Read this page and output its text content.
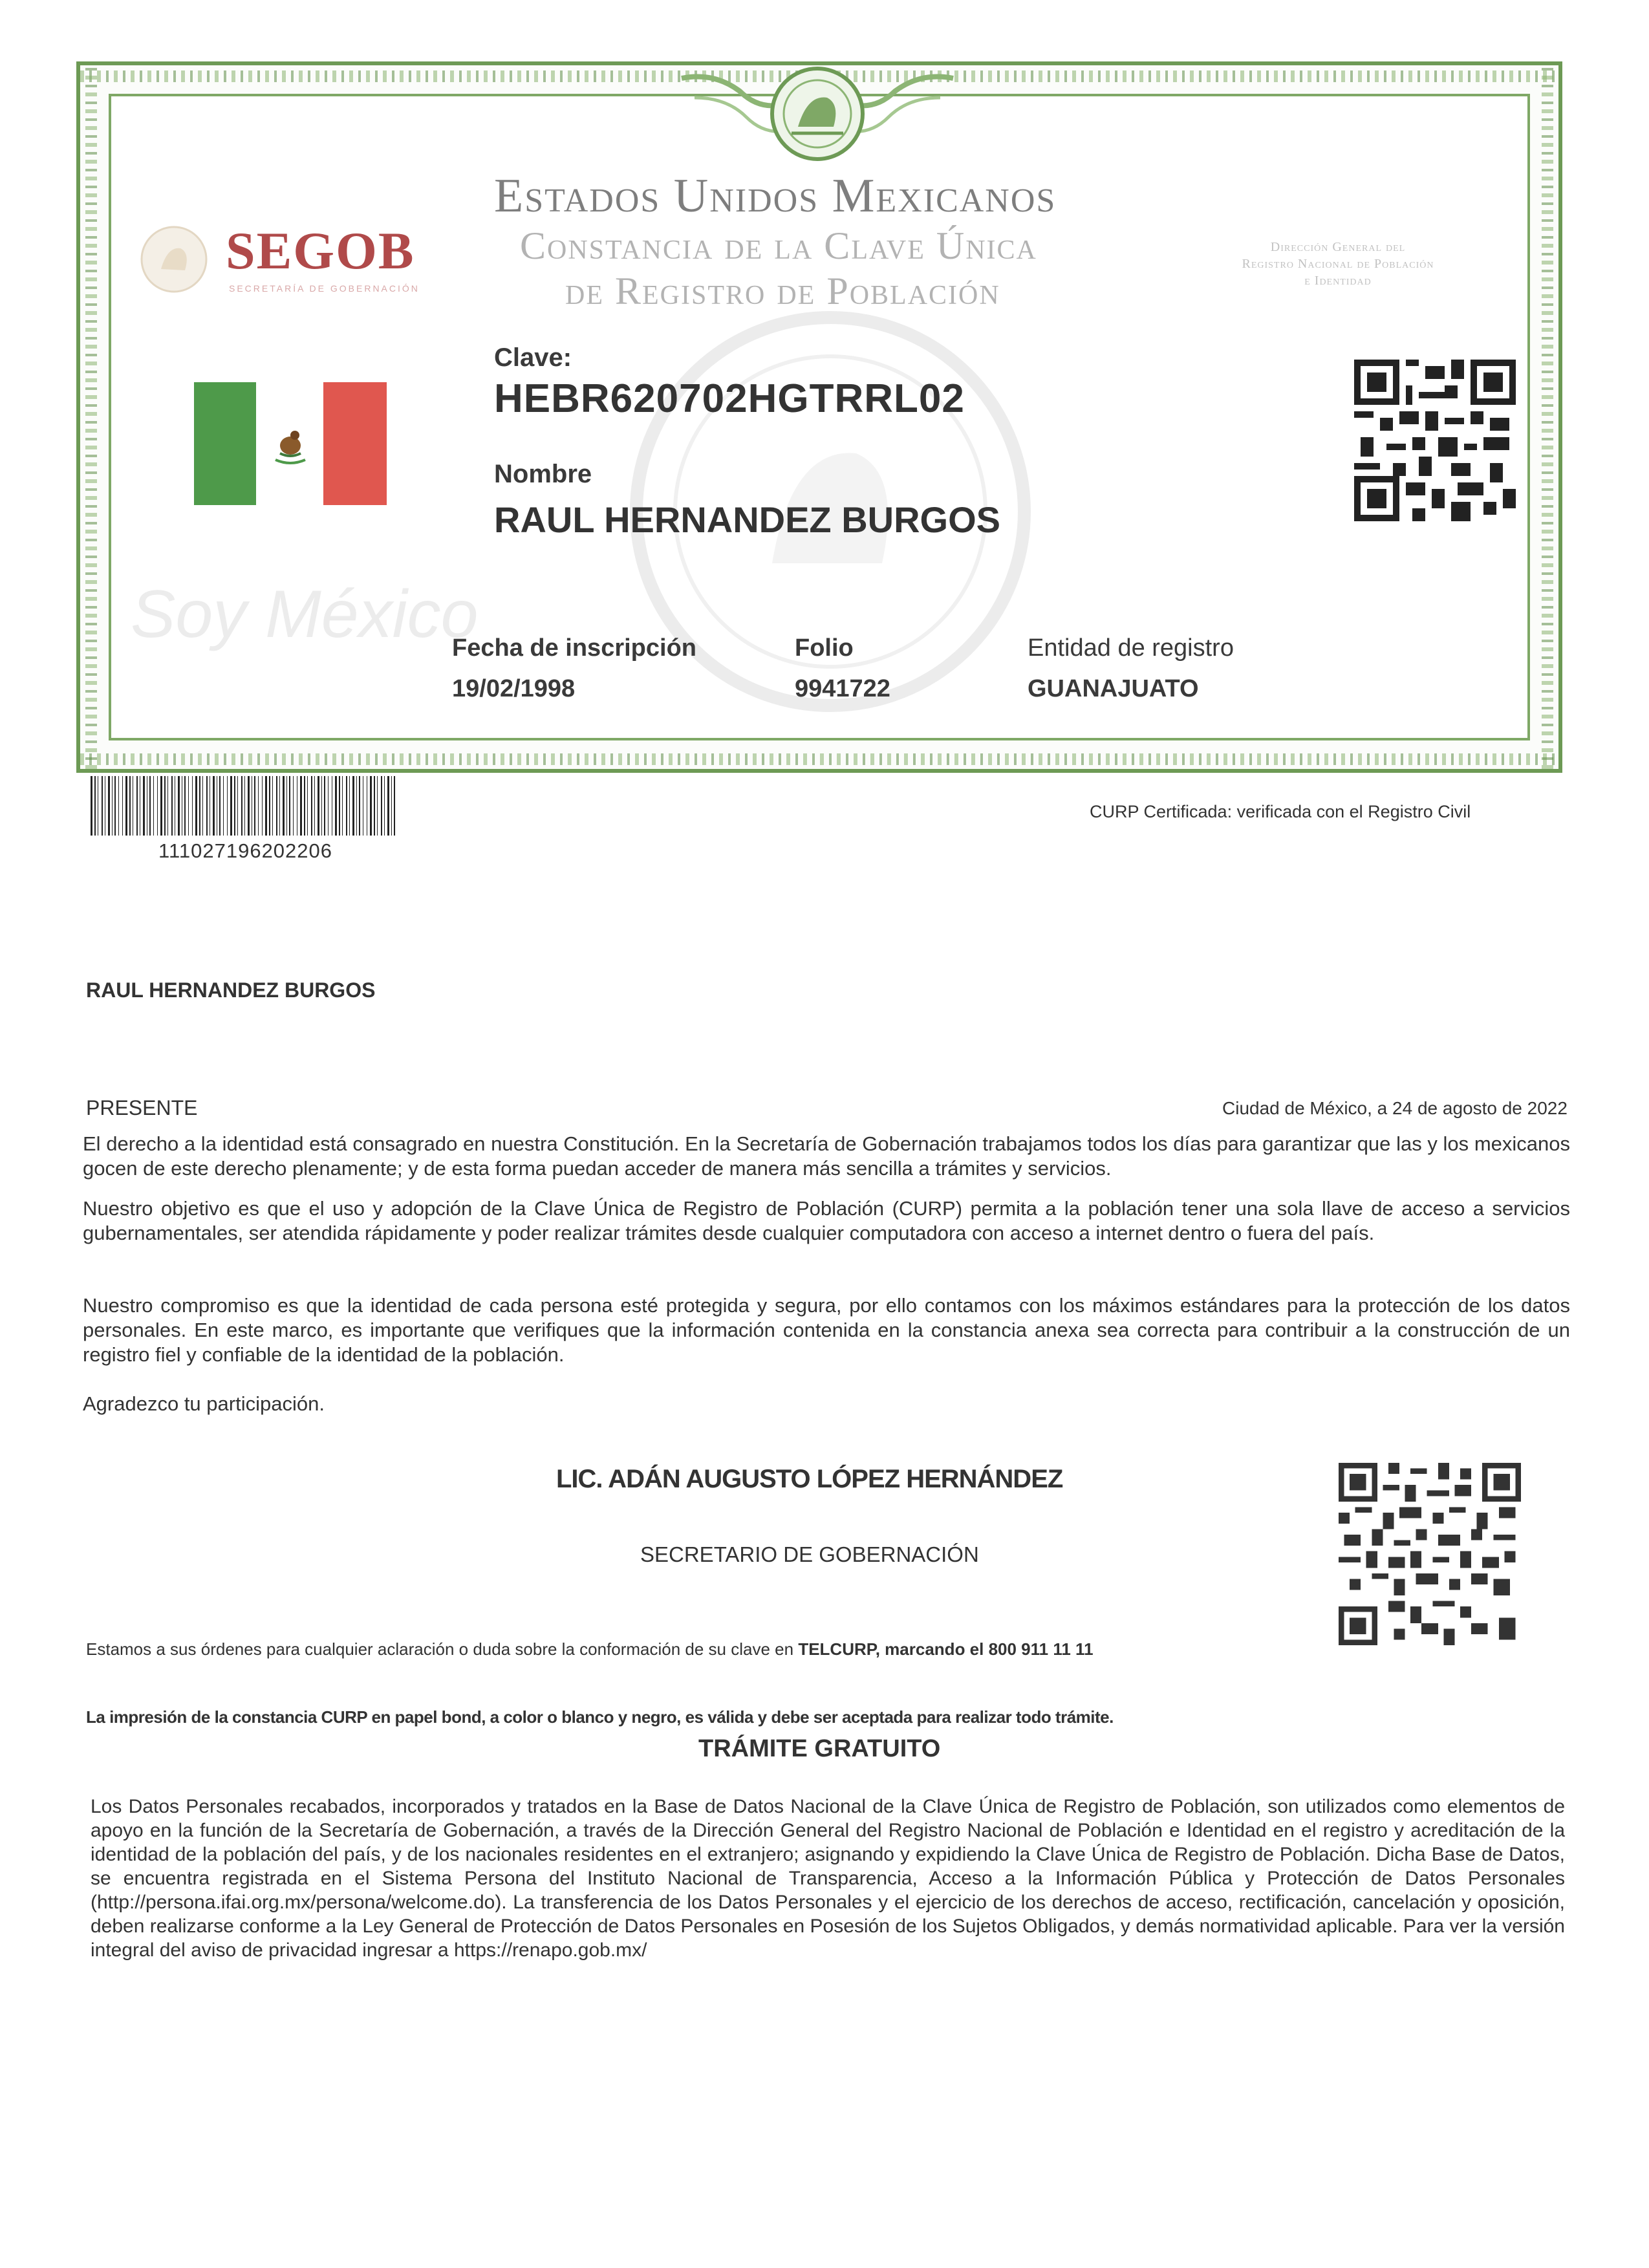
SEGOB
SECRETARÍA DE GOBERNACIÓN
Estados Unidos Mexicanos
Constancia de la Clave Única
de Registro de Población
Dirección General del
Registro Nacional de Población
e Identidad
Clave:
HEBR620702HGTRRL02
Nombre
RAUL HERNANDEZ BURGOS
Soy México
Fecha de inscripción
19/02/1998
Folio
9941722
Entidad de registro
GUANAJUATO
111027196202206
CURP Certificada: verificada con el Registro Civil
RAUL HERNANDEZ BURGOS
PRESENTE	Ciudad de México, a 24 de agosto de 2022
El derecho a la identidad está consagrado en nuestra Constitución. En la Secretaría de Gobernación trabajamos todos los días para garantizar que las y los mexicanos gocen de este derecho plenamente; y de esta forma puedan acceder de manera más sencilla a trámites y servicios.
Nuestro objetivo es que el uso y adopción de la Clave Única de Registro de Población (CURP) permita a la población tener una sola llave de acceso a servicios gubernamentales, ser atendida rápidamente y poder realizar trámites desde cualquier computadora con acceso a internet dentro o fuera del país.
Nuestro compromiso es que la identidad de cada persona esté protegida y segura, por ello contamos con los máximos estándares para la protección de los datos personales. En este marco, es importante que verifiques que la información contenida en la constancia anexa sea correcta para contribuir a la construcción de un registro fiel y confiable de la identidad de la población.
Agradezco tu participación.
LIC. ADÁN AUGUSTO LÓPEZ HERNÁNDEZ
SECRETARIO DE GOBERNACIÓN
Estamos a sus órdenes para cualquier aclaración o duda sobre la conformación de su clave en TELCURP, marcando el 800 911 11 11
La impresión de la constancia CURP en papel bond, a color o blanco y negro, es válida y debe ser aceptada para realizar todo trámite.
TRÁMITE GRATUITO
Los Datos Personales recabados, incorporados y tratados en la Base de Datos Nacional de la Clave Única de Registro de Población, son utilizados como elementos de apoyo en la función de la Secretaría de Gobernación, a través de la Dirección General del Registro Nacional de Población e Identidad en el registro y acreditación de la identidad de la población del país, y de los nacionales residentes en el extranjero; asignando y expidiendo la Clave Única de Registro de Población. Dicha Base de Datos, se encuentra registrada en el Sistema Persona del Instituto Nacional de Transparencia, Acceso a la Información Pública y Protección de Datos Personales (http://persona.ifai.org.mx/persona/welcome.do). La transferencia de los Datos Personales y el ejercicio de los derechos de acceso, rectificación, cancelación y oposición, deben realizarse conforme a la Ley General de Protección de Datos Personales en Posesión de los Sujetos Obligados, y demás normatividad aplicable. Para ver la versión integral del aviso de privacidad ingresar a https://renapo.gob.mx/
